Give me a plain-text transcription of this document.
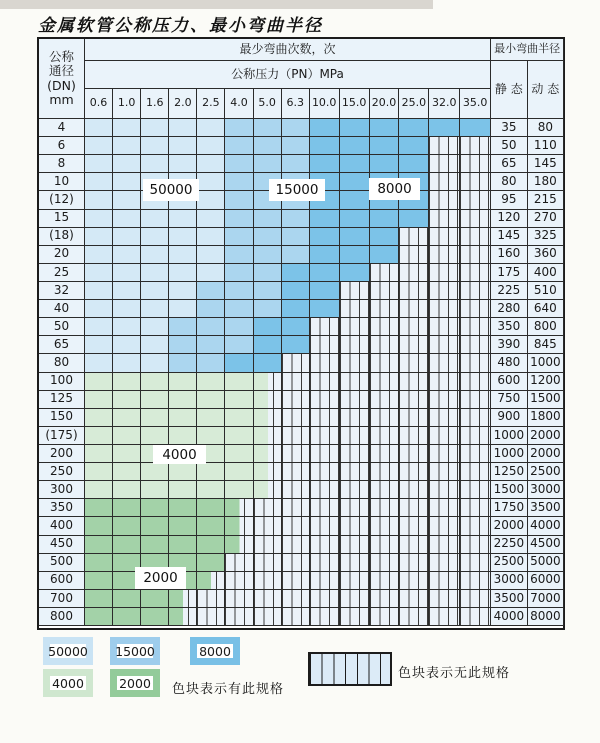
金属软管公称压力、最小弯曲半径
公称
通径
(DN)
mm
最少弯曲次数，次	最小弯曲半径
公称压力（PN）MPa
静 态 动 态
0.6 1.0 1.6 2.0 2.5 4.0 5.0 6.3 10.0 15.0 20.0 25.0 32.0 35.0
4	35	80
6	50	110
8	65	145
10	80	180
(12)	95	215
15	120	270
(18)	145	325
20	160	360
25	175	400
32	225	510
40	280	640
50	350	800
65	390	845
80	480 1000
100	600 1200
125	750 1500
150	900 1800
(175)	1000 2000
200	1000 2000
250	1250 2500
300	1500 3000
350	1750 3500
400	2000 4000
450	2250 4500
500	2500 5000
600	3000 6000
700	3500 7000
800	4000 8000
50000	15000	8000
4000
2000
50000 15000	8000
4000	2000 色块表示有此规格
色块表示无此规格
